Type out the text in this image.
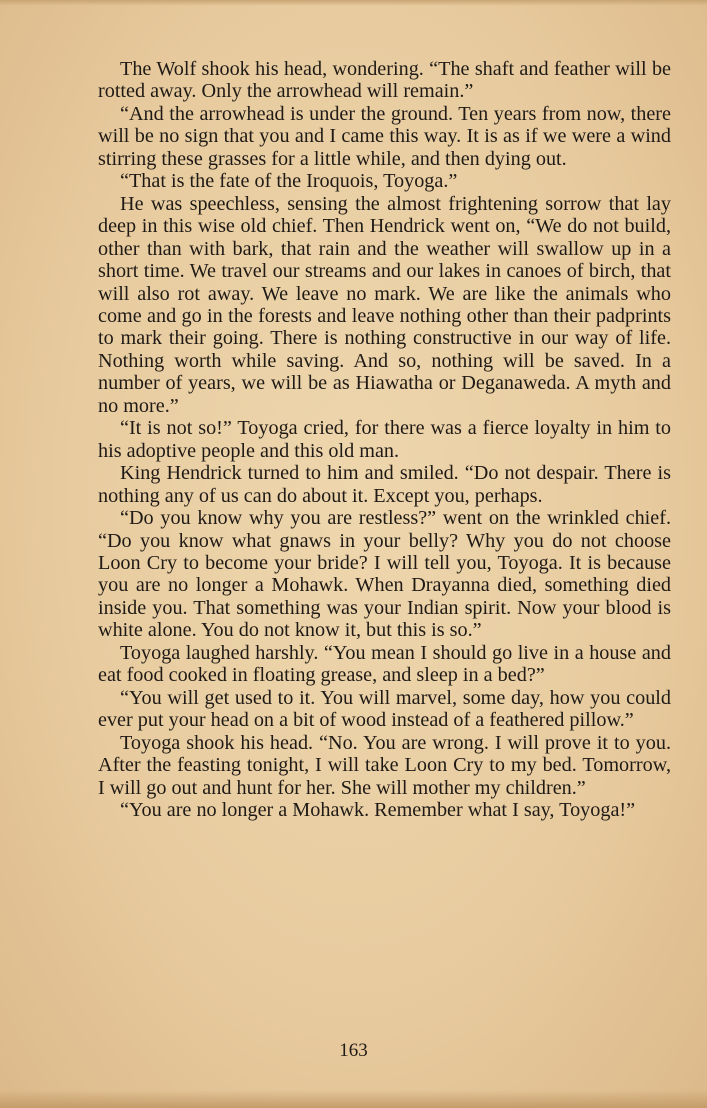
The Wolf shook his head, wondering. “The shaft and feather will be rotted away. Only the arrowhead will remain.”

“And the arrowhead is under the ground. Ten years from now, there will be no sign that you and I came this way. It is as if we were a wind stirring these grasses for a little while, and then dying out.

“That is the fate of the Iroquois, Toyoga.”

He was speechless, sensing the almost frightening sorrow that lay deep in this wise old chief. Then Hendrick went on, “We do not build, other than with bark, that rain and the weather will swallow up in a short time. We travel our streams and our lakes in canoes of birch, that will also rot away. We leave no mark. We are like the animals who come and go in the forests and leave nothing other than their padprints to mark their going. There is nothing constructive in our way of life. Nothing worth while saving. And so, nothing will be saved. In a number of years, we will be as Hiawatha or Deganaweda. A myth and no more.”

“It is not so!” Toyoga cried, for there was a fierce loyalty in him to his adoptive people and this old man.

King Hendrick turned to him and smiled. “Do not despair. There is nothing any of us can do about it. Except you, perhaps.

“Do you know why you are restless?” went on the wrinkled chief. “Do you know what gnaws in your belly? Why you do not choose Loon Cry to become your bride? I will tell you, Toyoga. It is because you are no longer a Mohawk. When Drayanna died, something died inside you. That something was your Indian spirit. Now your blood is white alone. You do not know it, but this is so.”

Toyoga laughed harshly. “You mean I should go live in a house and eat food cooked in floating grease, and sleep in a bed?”

“You will get used to it. You will marvel, some day, how you could ever put your head on a bit of wood instead of a feathered pillow.”

Toyoga shook his head. “No. You are wrong. I will prove it to you. After the feasting tonight, I will take Loon Cry to my bed. Tomorrow, I will go out and hunt for her. She will mother my children.”

“You are no longer a Mohawk. Remember what I say, Toyoga!”

163
